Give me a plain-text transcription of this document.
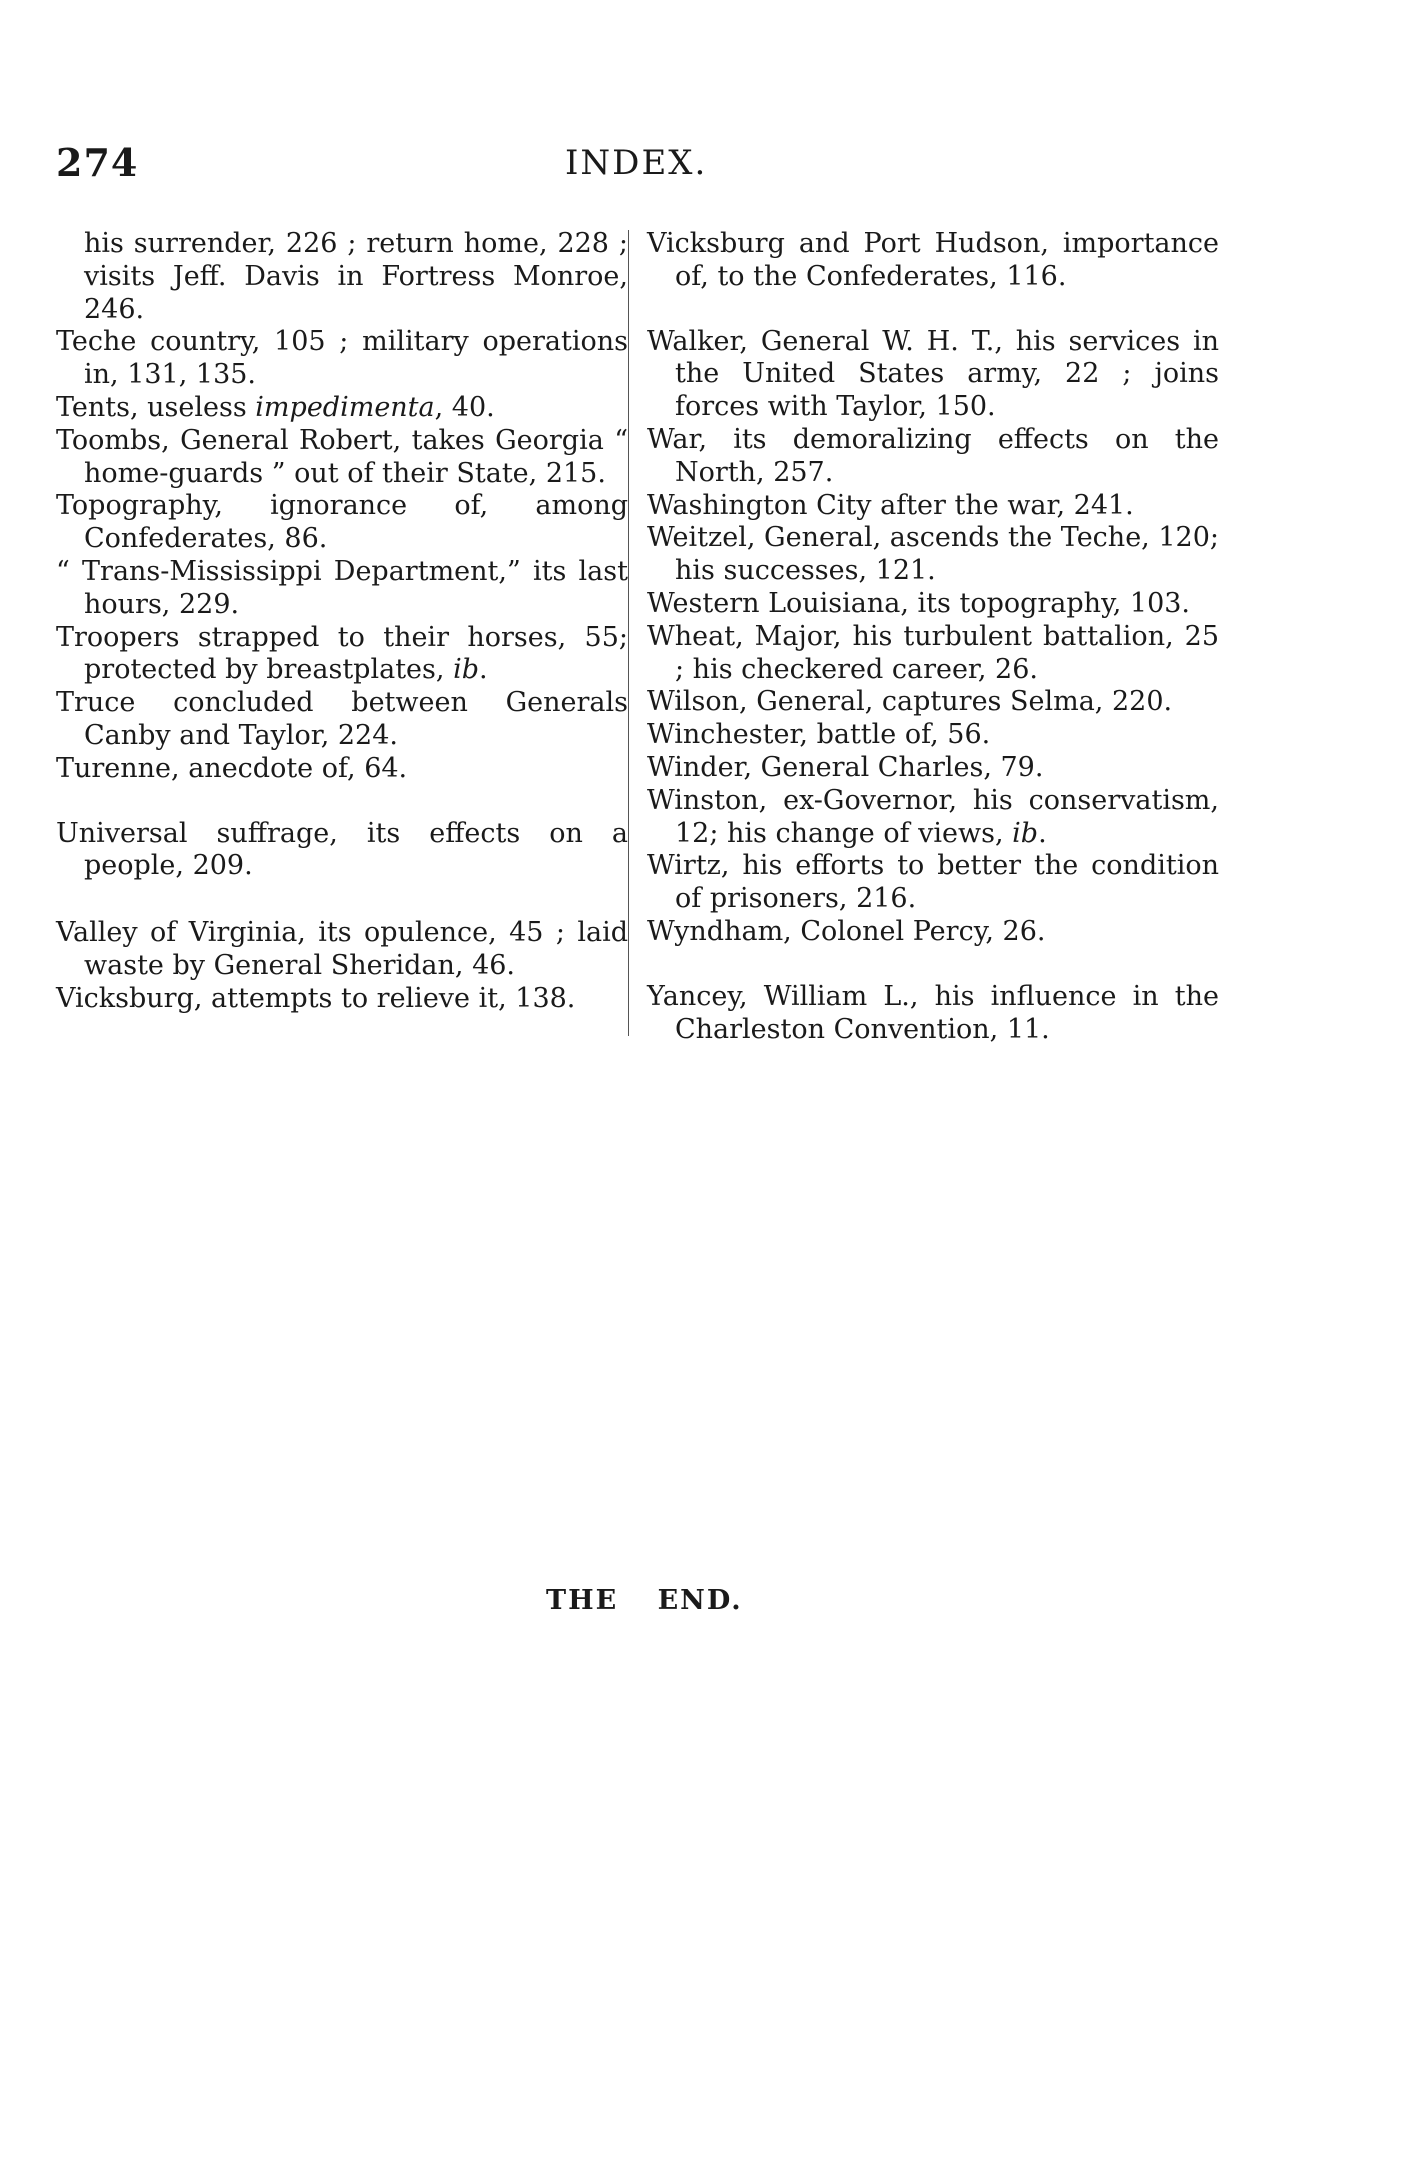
274	INDEX.

his surrender, 226 ; return home, 228 ; visits Jeff. Davis in Fortress Monroe, 246.

Teche country, 105 ; military operations in, 131, 135.

Tents, useless impedimenta, 40.

Toombs, General Robert, takes Georgia “ home-guards ” out of their State, 215.

Topography, ignorance of, among Confederates, 86.

“ Trans-Mississippi Department,” its last hours, 229.

Troopers strapped to their horses, 55; protected by breastplates, ib.

Truce concluded between Generals Canby and Taylor, 224.

Turenne, anecdote of, 64.

Universal suffrage, its effects on a people, 209.

Valley of Virginia, its opulence, 45 ; laid waste by General Sheridan, 46.

Vicksburg, attempts to relieve it, 138.

Vicksburg and Port Hudson, importance of, to the Confederates, 116.

Walker, General W. H. T., his services in the United States army, 22 ; joins forces with Taylor, 150.

War, its demoralizing effects on the North, 257.

Washington City after the war, 241.

Weitzel, General, ascends the Teche, 120; his successes, 121.

Western Louisiana, its topography, 103.

Wheat, Major, his turbulent battalion, 25 ; his checkered career, 26.

Wilson, General, captures Selma, 220.

Winchester, battle of, 56.

Winder, General Charles, 79.

Winston, ex-Governor, his conservatism, 12; his change of views, ib.

Wirtz, his efforts to better the condition of prisoners, 216.

Wyndham, Colonel Percy, 26.

Yancey, William L., his influence in the Charleston Convention, 11.

THE END.
